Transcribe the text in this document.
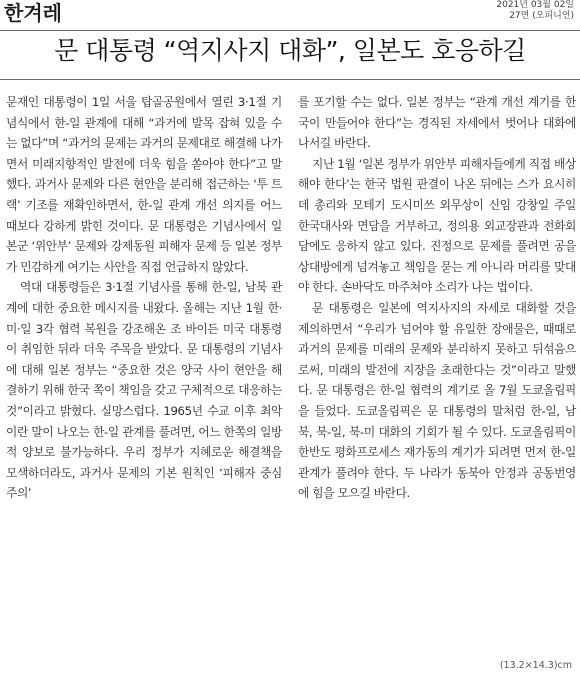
한겨레	2021년 03월 02일
27면 (오피니언)
문 대통령 “역지사지 대화”, 일본도 호응하길

문재인 대통령이 1일 서울 탑골공원에서 열린 3·1절 기념식에서 한-일 관계에 대해 “과거에 발목 잡혀 있을 수는 없다”며 “과거의 문제는 과거의 문제대로 해결해 나가면서 미래지향적인 발전에 더욱 힘을 쏟아야 한다”고 말했다. 과거사 문제와 다른 현안을 분리해 접근하는 ‘투 트랙’ 기조를 재확인하면서, 한-일 관계 개선 의지를 어느 때보다 강하게 밝힌 것이다. 문 대통령은 기념사에서 일본군 ‘위안부’ 문제와 강제동원 피해자 문제 등 일본 정부가 민감하게 여기는 사안을 직접 언급하지 않았다.

역대 대통령들은 3·1절 기념사를 통해 한-일, 남북 관계에 대한 중요한 메시지를 내왔다. 올해는 지난 1월 한·미·일 3각 협력 복원을 강조해온 조 바이든 미국 대통령이 취임한 뒤라 더욱 주목을 받았다. 문 대통령의 기념사에 대해 일본 정부는 “중요한 것은 양국 사이 현안을 해결하기 위해 한국 쪽이 책임을 갖고 구체적으로 대응하는 것”이라고 밝혔다. 실망스럽다. 1965년 수교 이후 최악이란 말이 나오는 한-일 관계를 풀려면, 어느 한쪽의 일방적 양보로 불가능하다. 우리 정부가 지혜로운 해결책을 모색하더라도, 과거사 문제의 기본 원칙인 ‘피해자 중심주의’

를 포기할 수는 없다. 일본 정부는 “관계 개선 계기를 한국이 만들어야 한다”는 경직된 자세에서 벗어나 대화에 나서길 바란다.

지난 1월 ‘일본 정부가 위안부 피해자들에게 직접 배상해야 한다’는 한국 법원 판결이 나온 뒤에는 스가 요시히데 총리와 모테기 도시미쓰 외무상이 신임 강창일 주일 한국대사와 면담을 거부하고, 정의용 외교장관과 전화회담에도 응하지 않고 있다. 진정으로 문제를 풀려면 공을 상대방에게 넘겨놓고 책임을 묻는 게 아니라 머리를 맞대야 한다. 손바닥도 마주쳐야 소리가 나는 법이다.

문 대통령은 일본에 역지사지의 자세로 대화할 것을 제의하면서 “우리가 넘어야 할 유일한 장애물은, 때때로 과거의 문제를 미래의 문제와 분리하지 못하고 뒤섞음으로써, 미래의 발전에 지장을 초래한다는 것”이라고 말했다. 문 대통령은 한-일 협력의 계기로 올 7월 도쿄올림픽을 들었다. 도쿄올림픽은 문 대통령의 말처럼 한-일, 남북, 북-일, 북-미 대화의 기회가 될 수 있다. 도쿄올림픽이 한반도 평화프로세스 재가동의 계기가 되려면 먼저 한-일 관계가 풀려야 한다. 두 나라가 동북아 안정과 공동번영에 힘을 모으길 바란다.

(13.2×14.3)cm
